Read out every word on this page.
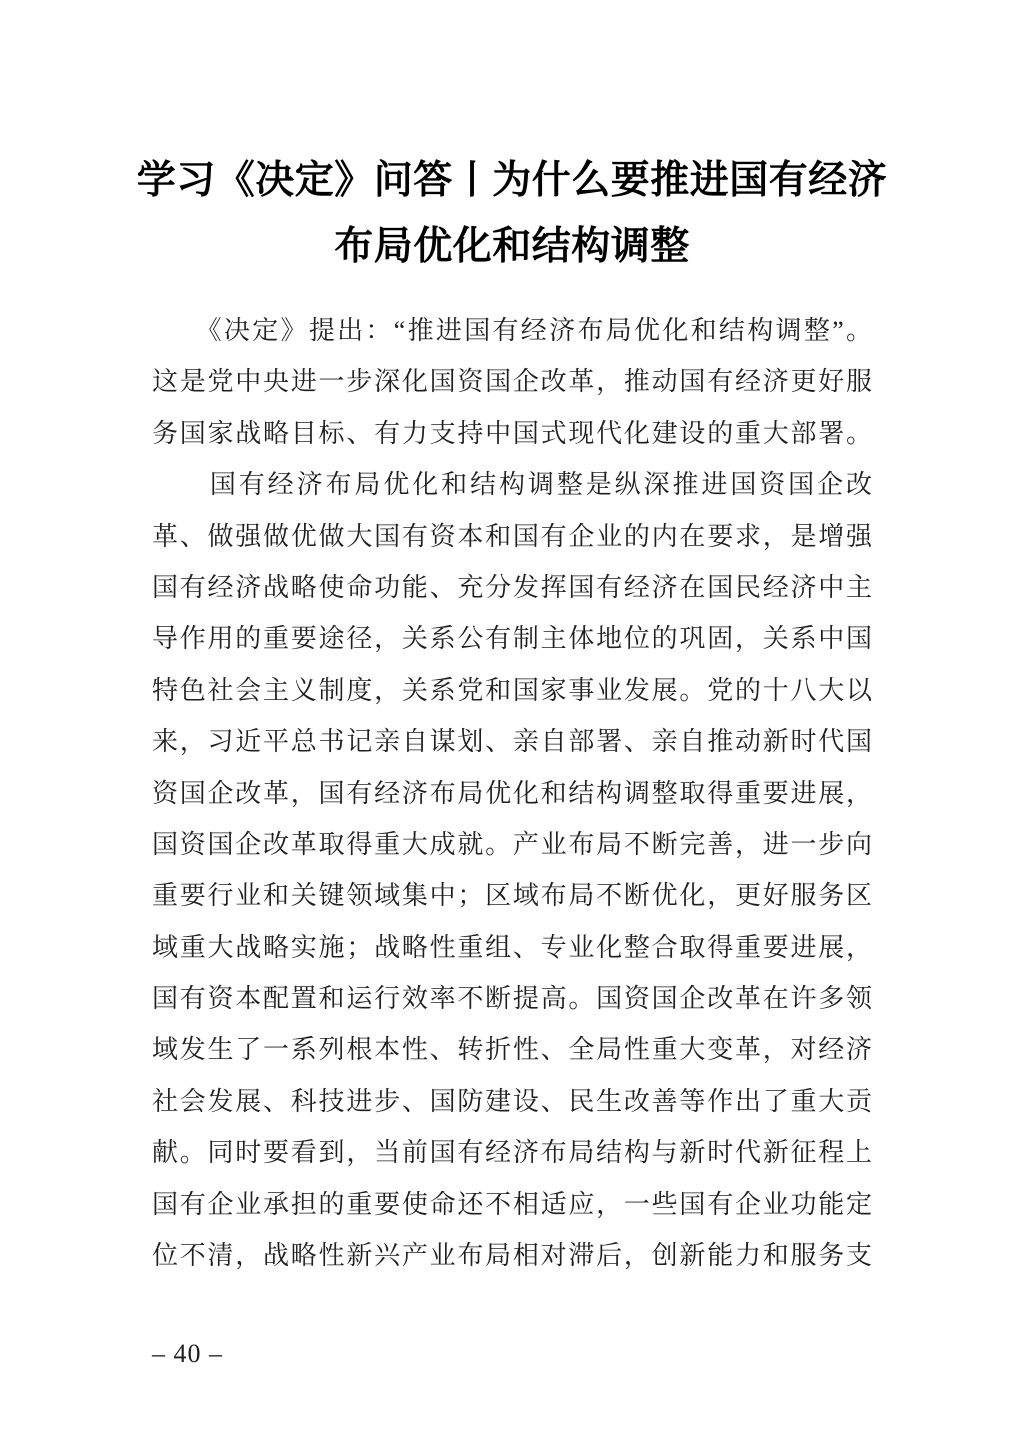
学习《决定》问答丨为什么要推进国有经济
布局优化和结构调整
　　《决定》提出：“推进国有经济布局优化和结构调整”。
这是党中央进一步深化国资国企改革，推动国有经济更好服
务国家战略目标、有力支持中国式现代化建设的重大部署。
　　国有经济布局优化和结构调整是纵深推进国资国企改
革、做强做优做大国有资本和国有企业的内在要求，是增强
国有经济战略使命功能、充分发挥国有经济在国民经济中主
导作用的重要途径，关系公有制主体地位的巩固，关系中国
特色社会主义制度，关系党和国家事业发展。党的十八大以
来，习近平总书记亲自谋划、亲自部署、亲自推动新时代国
资国企改革，国有经济布局优化和结构调整取得重要进展，
国资国企改革取得重大成就。产业布局不断完善，进一步向
重要行业和关键领域集中；区域布局不断优化，更好服务区
域重大战略实施；战略性重组、专业化整合取得重要进展，
国有资本配置和运行效率不断提高。国资国企改革在许多领
域发生了一系列根本性、转折性、全局性重大变革，对经济
社会发展、科技进步、国防建设、民生改善等作出了重大贡
献。同时要看到，当前国有经济布局结构与新时代新征程上
国有企业承担的重要使命还不相适应，一些国有企业功能定
位不清，战略性新兴产业布局相对滞后，创新能力和服务支
– 40 –
